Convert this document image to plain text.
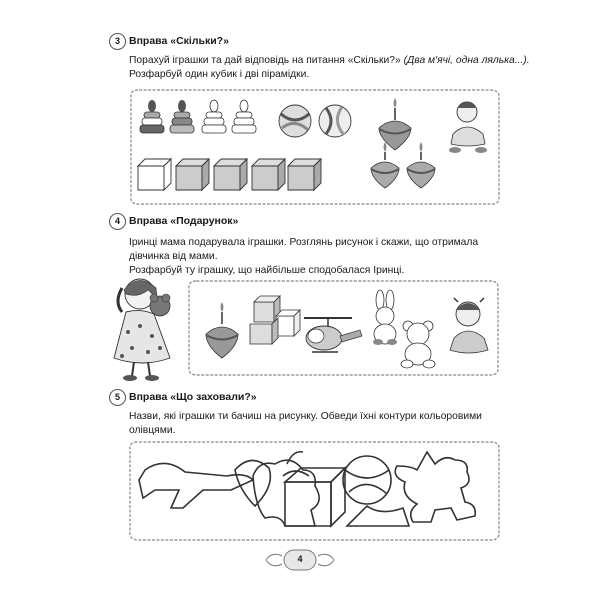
3 Вправа «Скільки?»
Порахуй іграшки та дай відповідь на питання «Скільки?» (Два м'ячі, одна лялька...).
Розфарбуй один кубик і дві пірамідки.
4 Вправа «Подарунок»
Іринці мама подарувала іграшки. Розглянь рисунок і скажи, що отримала
дівчинка від мами.
Розфарбуй ту іграшку, що найбільше сподобалася Іринці.
5 Вправа «Що заховали?»
Назви, які іграшки ти бачиш на рисунку. Обведи їхні контури кольоровими
олівцями.
4
